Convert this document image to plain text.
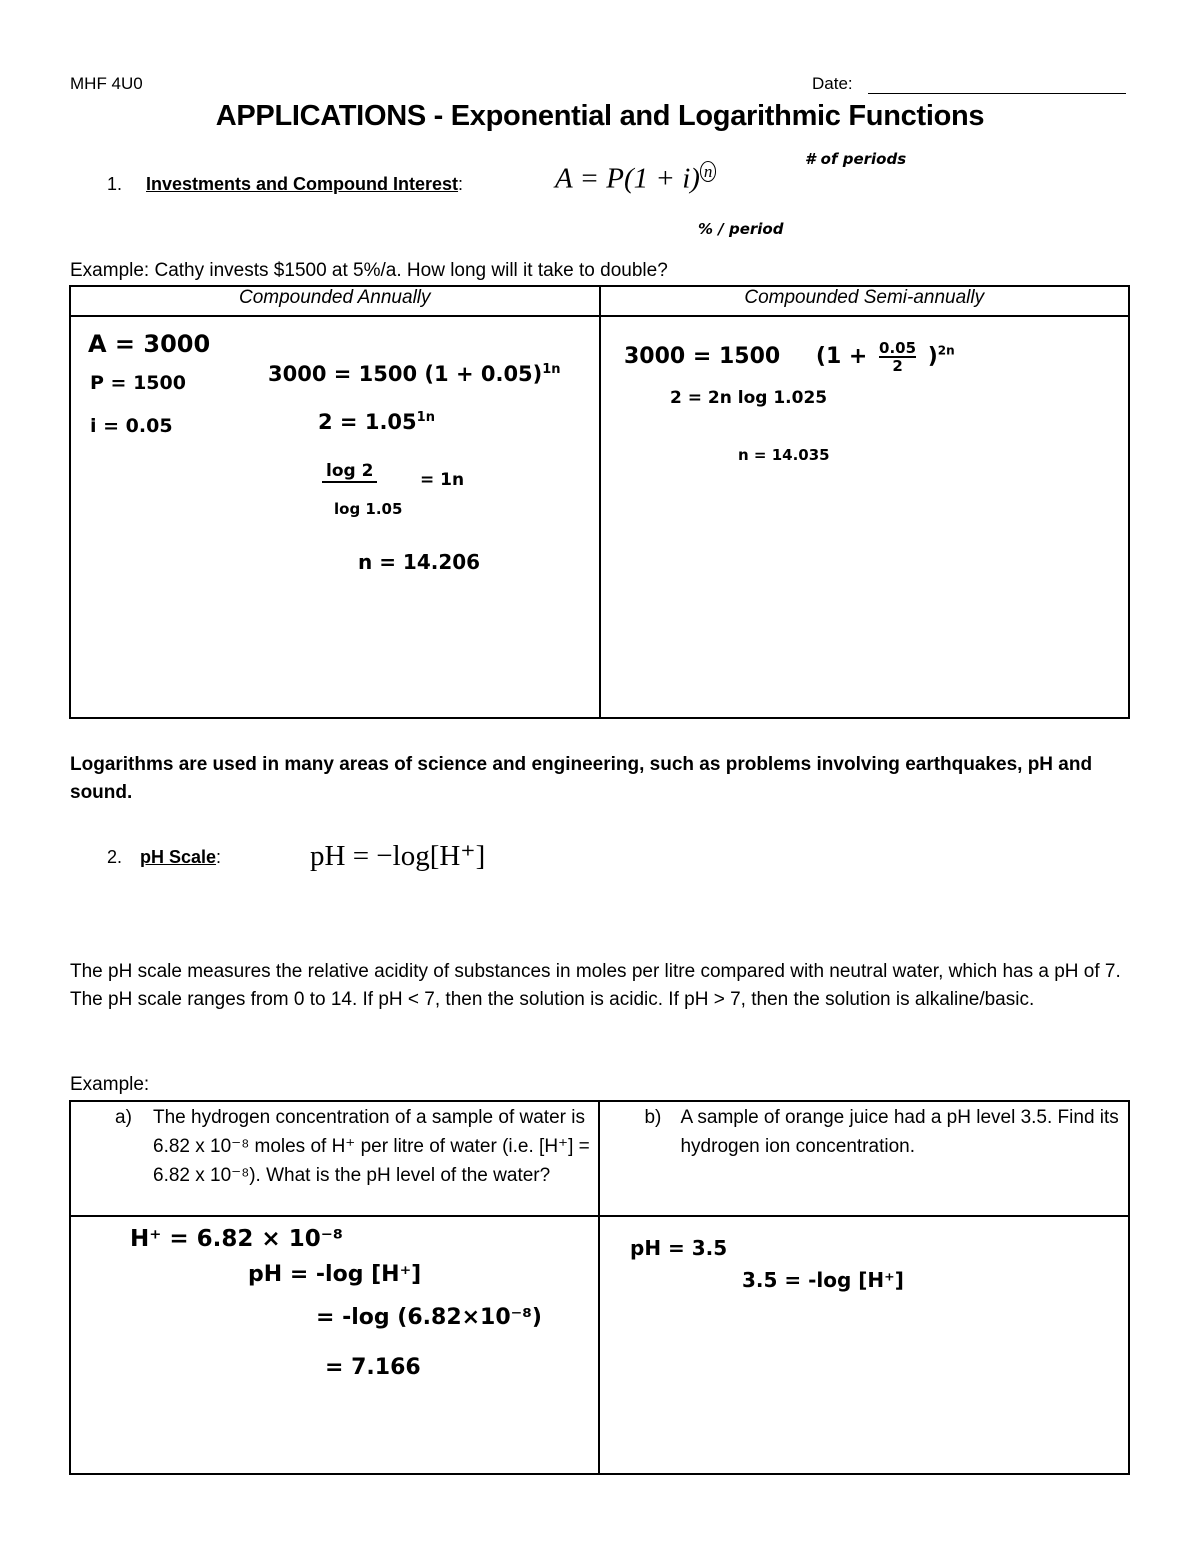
MHF 4U0	Date:
APPLICATIONS - Exponential and Logarithmic Functions
1. Investments and Compound Interest:	A = P(1 + i) $^n$
# of periods
% / period
Example: Cathy invests $1500 at 5%/a. How long will it take to double?
Compounded Annually	Compounded Semi-annually

A = 3000
P = 1500
i = 0.05
3000 = 1500 $(1 + 0.05)^{1n}$
$2 = 1.05^{1n}$
log 2
log 1.05
= 1n
n = 14.206
3000 = 1500 $(1 + \frac{0.05}{2} )^{2n}$
2 = 2n log 1.025
n = 14.035
Logarithms are used in many areas of science and engineering, such as problems involving earthquakes, pH and sound.
2. pH Scale:	pH = −log[H⁺]
The pH scale measures the relative acidity of substances in moles per litre compared with neutral water, which has a pH of 7. The pH scale ranges from 0 to 14. If pH < 7, then the solution is acidic. If pH > 7, then the solution is alkaline/basic.
Example:
a) The hydrogen concentration of a sample of water is 6.82 x 10⁻⁸ moles of H⁺ per litre of water (i.e. [H⁺] = 6.82 x 10⁻⁸). What is the pH level of the water?	b) A sample of orange juice had a pH level 3.5. Find its hydrogen ion concentration.

H⁺ = 6.82 × 10⁻⁸
pH = -log [H⁺]
= -log (6.82×10⁻⁸)
= 7.166
pH = 3.5
3.5 = -log [H⁺]
